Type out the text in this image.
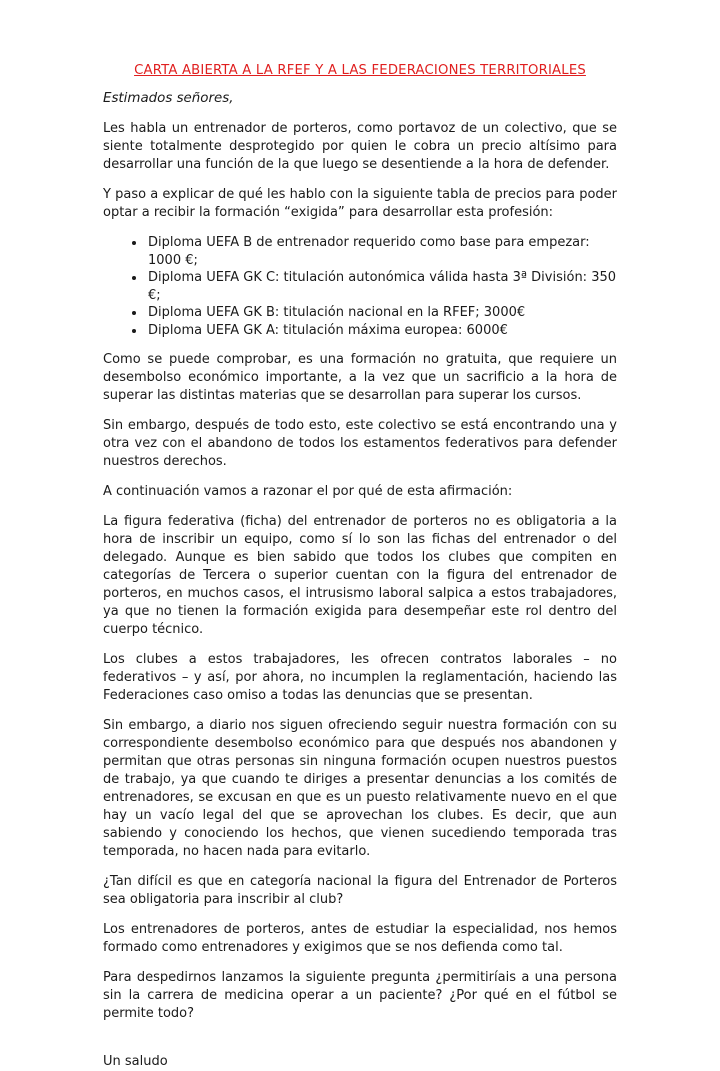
CARTA ABIERTA A LA RFEF Y A LAS FEDERACIONES TERRITORIALES
Estimados señores,

Les habla un entrenador de porteros, como portavoz de un colectivo, que se siente totalmente desprotegido por quien le cobra un precio altísimo para desarrollar una función de la que luego se desentiende a la hora de defender.

Y paso a explicar de qué les hablo con la siguiente tabla de precios para poder optar a recibir la formación “exigida” para desarrollar esta profesión:

• Diploma UEFA B de entrenador requerido como base para empezar: 1000 €;
• Diploma UEFA GK C: titulación autonómica válida hasta 3ª División: 350 €;
• Diploma UEFA GK B: titulación nacional en la RFEF; 3000€
• Diploma UEFA GK A: titulación máxima europea: 6000€

Como se puede comprobar, es una formación no gratuita, que requiere un desembolso económico importante, a la vez que un sacrificio a la hora de superar las distintas materias que se desarrollan para superar los cursos.

Sin embargo, después de todo esto, este colectivo se está encontrando una y otra vez con el abandono de todos los estamentos federativos para defender nuestros derechos.

A continuación vamos a razonar el por qué de esta afirmación:

La figura federativa (ficha) del entrenador de porteros no es obligatoria a la hora de inscribir un equipo, como sí lo son las fichas del entrenador o del delegado. Aunque es bien sabido que todos los clubes que compiten en categorías de Tercera o superior cuentan con la figura del entrenador de porteros, en muchos casos, el intrusismo laboral salpica a estos trabajadores, ya que no tienen la formación exigida para desempeñar este rol dentro del cuerpo técnico.

Los clubes a estos trabajadores, les ofrecen contratos laborales – no federativos – y así, por ahora, no incumplen la reglamentación, haciendo las Federaciones caso omiso a todas las denuncias que se presentan.

Sin embargo, a diario nos siguen ofreciendo seguir nuestra formación con su correspondiente desembolso económico para que después nos abandonen y permitan que otras personas sin ninguna formación ocupen nuestros puestos de trabajo, ya que cuando te diriges a presentar denuncias a los comités de entrenadores, se excusan en que es un puesto relativamente nuevo en el que hay un vacío legal del que se aprovechan los clubes. Es decir, que aun sabiendo y conociendo los hechos, que vienen sucediendo temporada tras temporada, no hacen nada para evitarlo.

¿Tan difícil es que en categoría nacional la figura del Entrenador de Porteros sea obligatoria para inscribir al club?

Los entrenadores de porteros, antes de estudiar la especialidad, nos hemos formado como entrenadores y exigimos que se nos defienda como tal.

Para despedirnos lanzamos la siguiente pregunta ¿permitiríais a una persona sin la carrera de medicina operar a un paciente? ¿Por qué en el fútbol se permite todo?

Un saludo
